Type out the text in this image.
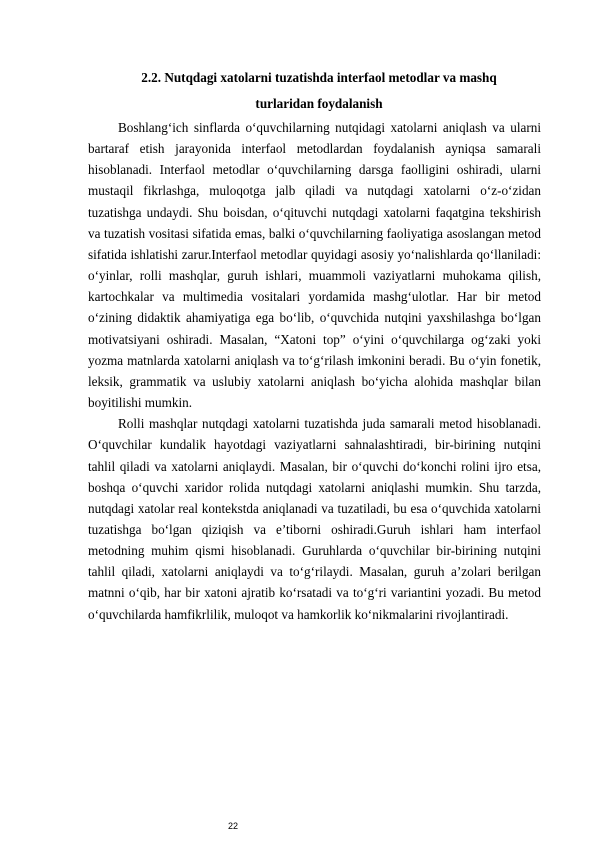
2.2. Nutqdagi xatolarni tuzatishda interfaol metodlar va mashq
turlaridan foydalanish

Boshlang‘ich sinflarda o‘quvchilarning nutqidagi xatolarni aniqlash va ularni bartaraf etish jarayonida interfaol metodlardan foydalanish ayniqsa samarali hisoblanadi. Interfaol metodlar o‘quvchilarning darsga faolligini oshiradi, ularni mustaqil fikrlashga, muloqotga jalb qiladi va nutqdagi xatolarni o‘z-o‘zidan tuzatishga undaydi. Shu boisdan, o‘qituvchi nutqdagi xatolarni faqatgina tekshirish va tuzatish vositasi sifatida emas, balki o‘quvchilarning faoliyatiga asoslangan metod sifatida ishlatishi zarur.Interfaol metodlar quyidagi asosiy yo‘nalishlarda qo‘llaniladi: o‘yinlar, rolli mashqlar, guruh ishlari, muammoli vaziyatlarni muhokama qilish, kartochkalar va multimedia vositalari yordamida mashg‘ulotlar. Har bir metod o‘zining didaktik ahamiyatiga ega bo‘lib, o‘quvchida nutqini yaxshilashga bo‘lgan motivatsiyani oshiradi. Masalan, “Xatoni top” o‘yini o‘quvchilarga og‘zaki yoki yozma matnlarda xatolarni aniqlash va to‘g‘rilash imkonini beradi. Bu o‘yin fonetik, leksik, grammatik va uslubiy xatolarni aniqlash bo‘yicha alohida mashqlar bilan boyitilishi mumkin.

Rolli mashqlar nutqdagi xatolarni tuzatishda juda samarali metod hisoblanadi. O‘quvchilar kundalik hayotdagi vaziyatlarni sahnalashtiradi, bir-birining nutqini tahlil qiladi va xatolarni aniqlaydi. Masalan, bir o‘quvchi do‘konchi rolini ijro etsa, boshqa o‘quvchi xaridor rolida nutqdagi xatolarni aniqlashi mumkin. Shu tarzda, nutqdagi xatolar real kontekstda aniqlanadi va tuzatiladi, bu esa o‘quvchida xatolarni tuzatishga bo‘lgan qiziqish va e’tiborni oshiradi.Guruh ishlari ham interfaol metodning muhim qismi hisoblanadi. Guruhlarda o‘quvchilar bir-birining nutqini tahlil qiladi, xatolarni aniqlaydi va to‘g‘rilaydi. Masalan, guruh a’zolari berilgan matnni o‘qib, har bir xatoni ajratib ko‘rsatadi va to‘g‘ri variantini yozadi. Bu metod o‘quvchilarda hamfikrlilik, muloqot va hamkorlik ko‘nikmalarini rivojlantiradi.

22
